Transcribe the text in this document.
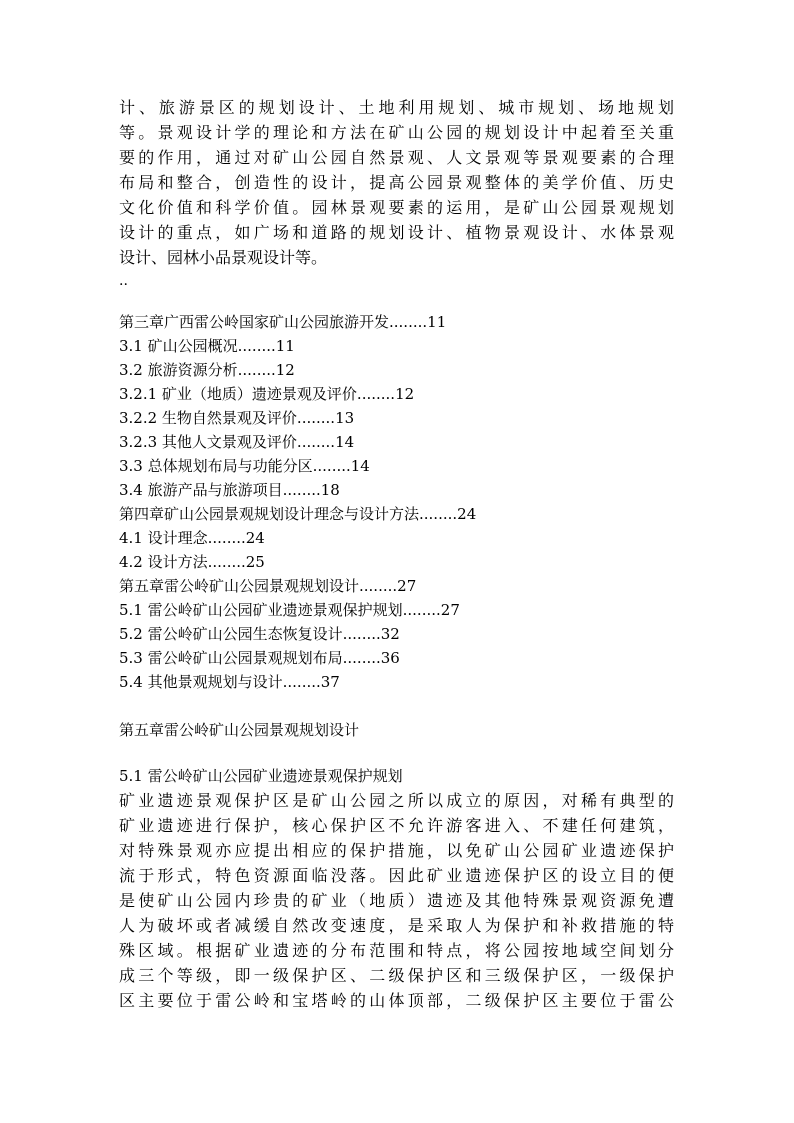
计、旅游景区的规划设计、土地利用规划、城市规划、场地规划

等。景观设计学的理论和方法在矿山公园的规划设计中起着至关重

要的作用，通过对矿山公园自然景观、人文景观等景观要素的合理

布局和整合，创造性的设计，提高公园景观整体的美学价值、历史

文化价值和科学价值。园林景观要素的运用，是矿山公园景观规划

设计的重点，如广场和道路的规划设计、植物景观设计、水体景观

设计、园林小品景观设计等。

..

第三章广西雷公岭国家矿山公园旅游开发........11

3.1 矿山公园概况........11

3.2 旅游资源分析........12

3.2.1 矿业（地质）遗迹景观及评价........12

3.2.2 生物自然景观及评价........13

3.2.3 其他人文景观及评价........14

3.3 总体规划布局与功能分区........14

3.4 旅游产品与旅游项目........18

第四章矿山公园景观规划设计理念与设计方法........24

4.1 设计理念........24

4.2 设计方法........25

第五章雷公岭矿山公园景观规划设计........27

5.1 雷公岭矿山公园矿业遗迹景观保护规划........27

5.2 雷公岭矿山公园生态恢复设计........32

5.3 雷公岭矿山公园景观规划布局........36

5.4 其他景观规划与设计........37

第五章雷公岭矿山公园景观规划设计

5.1 雷公岭矿山公园矿业遗迹景观保护规划

矿业遗迹景观保护区是矿山公园之所以成立的原因，对稀有典型的

矿业遗迹进行保护，核心保护区不允许游客进入、不建任何建筑，

对特殊景观亦应提出相应的保护措施，以免矿山公园矿业遗迹保护

流于形式，特色资源面临没落。因此矿业遗迹保护区的设立目的便

是使矿山公园内珍贵的矿业（地质）遗迹及其他特殊景观资源免遭

人为破坏或者减缓自然改变速度，是采取人为保护和补救措施的特

殊区域。根据矿业遗迹的分布范围和特点，将公园按地域空间划分

成三个等级，即一级保护区、二级保护区和三级保护区，一级保护

区主要位于雷公岭和宝塔岭的山体顶部，二级保护区主要位于雷公
